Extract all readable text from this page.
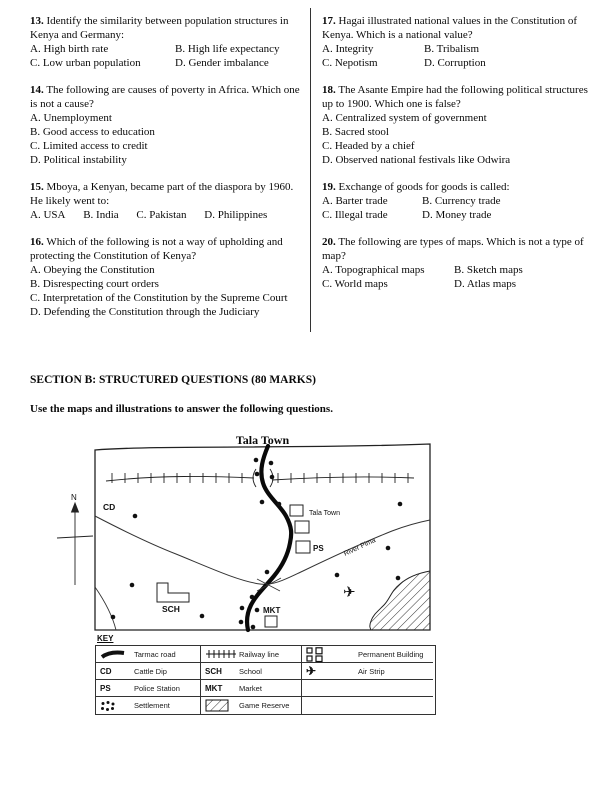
13. Identify the similarity between population structures in Kenya and Germany:

A. High birth rate	B. High life expectancy
C. Low urban population	D. Gender imbalance

14. The following are causes of poverty in Africa. Which one is not a cause?

A. Unemployment
B. Good access to education
C. Limited access to credit
D. Political instability

15. Mboya, a Kenyan, became part of the diaspora by 1960. He likely went to:

A. USA B. India C. Pakistan D. Philippines

16. Which of the following is not a way of upholding and protecting the Constitution of Kenya?

A. Obeying the Constitution
B. Disrespecting court orders
C. Interpretation of the Constitution by the Supreme Court
D. Defending the Constitution through the Judiciary

17. Hagai illustrated national values in the Constitution of Kenya. Which is a national value?

A. Integrity	B. Tribalism
C. Nepotism	D. Corruption

18. The Asante Empire had the following political structures up to 1900. Which one is false?

A. Centralized system of government
B. Sacred stool
C. Headed by a chief
D. Observed national festivals like Odwira

19. Exchange of goods for goods is called:

A. Barter trade	B. Currency trade
C. Illegal trade	D. Money trade

20. The following are types of maps. Which is not a type of map?

A. Topographical maps	B. Sketch maps
C. World maps	D. Atlas maps

SECTION B: STRUCTURED QUESTIONS (80 MARKS)

Use the maps and illustrations to answer the following questions.

Tala Town

✈
N
CD
Tala Town
PS	River Pima
MKT
SCH

KEY

Tarmac road	Railway line	Permanent Building
CD	Cattle Dip	SCH	School	✈	Air Strip
PS	Police Station	MKT	Market
Settlement	Game Reserve
